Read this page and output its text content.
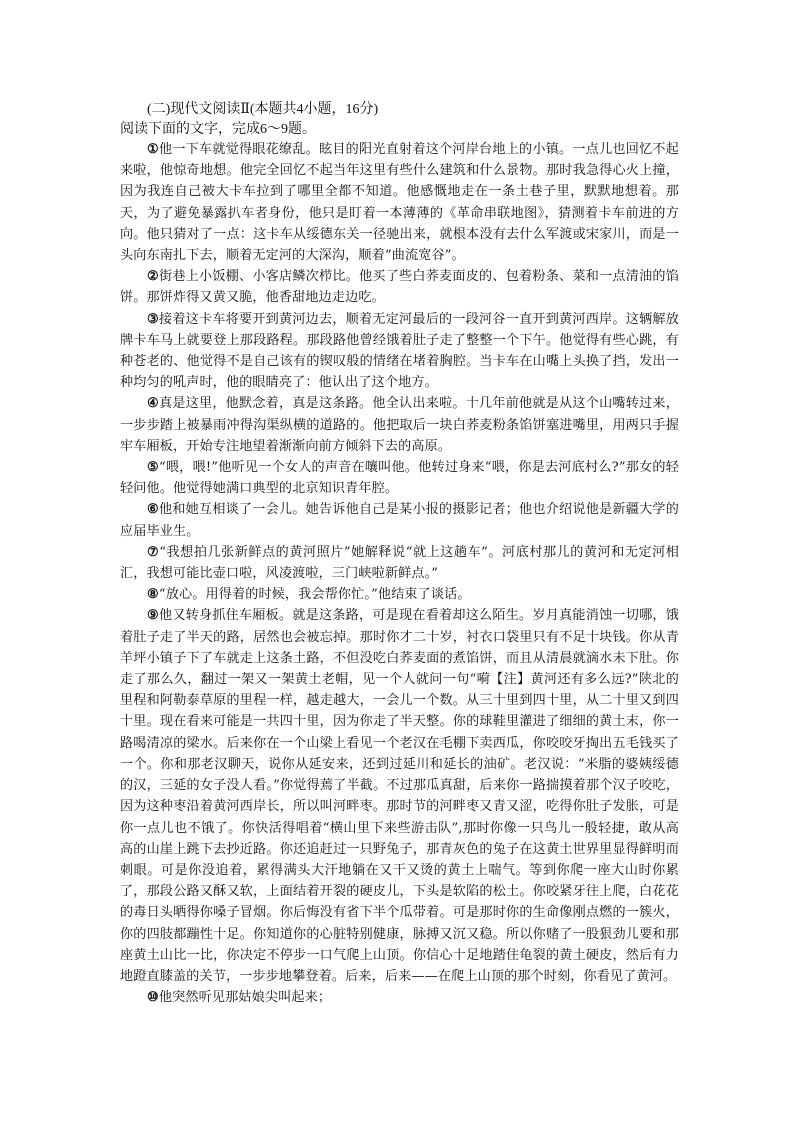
(二)现代文阅读Ⅱ(本题共4小题，16分)
阅读下面的文字，完成6～9题。

①他一下车就觉得眼花缭乱。眩目的阳光直射着这个河岸台地上的小镇。一点儿也回忆不起来啦，他惊奇地想。他完全回忆不起当年这里有些什么建筑和什么景物。那时我急得心火上撞，因为我连自己被大卡车拉到了哪里全都不知道。他感慨地走在一条土巷子里，默默地想着。那天，为了避免暴露扒车者身份，他只是盯着一本薄薄的《革命串联地图》，猜测着卡车前进的方向。他只猜对了一点：这卡车从绥德东关一径驰出来，就根本没有去什么军渡或宋家川，而是一头向东南扎下去，顺着无定河的大深沟，顺着“曲流宽谷”。

②街巷上小饭棚、小客店鳞次栉比。他买了些白荞麦面皮的、包着粉条、菜和一点清油的馅饼。那饼炸得又黄又脆，他香甜地边走边吃。

③接着这卡车将要开到黄河边去，顺着无定河最后的一段河谷一直开到黄河西岸。这辆解放牌卡车马上就要登上那段路程。那段路他曾经饿着肚子走了整整一个下午。他觉得有些心跳，有种苍老的、他觉得不是自己该有的锲叹般的情绪在堵着胸腔。当卡车在山嘴上头换了挡，发出一种均匀的吼声时，他的眼睛亮了：他认出了这个地方。

④真是这里，他默念着，真是这条路。他全认出来啦。十几年前他就是从这个山嘴转过来，一步步踏上被暴雨冲得沟渠纵横的道路的。他把取后一块白荞麦粉条馅饼塞进嘴里，用两只手握牢车厢板，开始专注地望着渐渐向前方倾斜下去的高原。

⑤“喂，喂!”他听见一个女人的声音在嚷叫他。他转过身来“喂，你是去河底村么?”那女的轻轻问他。他觉得她满口典型的北京知识青年腔。

⑥他和她互相谈了一会儿。她告诉他自己是某小报的摄影记者；他也介绍说他是新疆大学的应届毕业生。

⑦“我想拍几张新鲜点的黄河照片”她解释说“就上这趟车”。河底村那儿的黄河和无定河相汇，我想可能比壶口啦，风凌渡啦，三门峡啦新鲜点。”

⑧“放心。用得着的时候，我会帮你忙。”他结束了谈话。

⑨他又转身抓住车厢板。就是这条路，可是现在看着却这么陌生。岁月真能消蚀一切哪，饿着肚子走了半天的路，居然也会被忘掉。那时你才二十岁，衬衣口袋里只有不足十块钱。你从青羊坪小镇子下了车就走上这条土路，不但没吃白荞麦面的煮馅饼，而且从清晨就滴水未下肚。你走了那么久，翻过一架又一架黄土老帽，见一个人就问一句“嗬【注】黄河还有多么远?”陕北的里程和阿勒泰草原的里程一样，越走越大，一会儿一个数。从三十里到四十里，从二十里又到四十里。现在看来可能是一共四十里，因为你走了半天整。你的球鞋里灌进了细细的黄土末，你一路喝清凉的梁水。后来你在一个山梁上看见一个老汉在毛棚下卖西瓜，你咬咬牙掏出五毛钱买了一个。你和那老汉聊天，说你从延安来，还到过延川和延长的油矿。老汉说：“米脂的婆姨绥德的汉，三延的女子没人看。”你觉得蔫了半截。不过那瓜真甜，后来你一路揣摸着那个汉子咬吃，因为这种枣沿着黄河西岸长，所以叫河畔枣。那时节的河畔枣又青又涩，吃得你肚子发胀，可是你一点儿也不饿了。你快活得唱着“横山里下来些游击队”,那时你像一只鸟儿一般轻捷，敢从高高的山崖上跳下去抄近路。你还追赶过一只野兔子，那青灰色的兔子在这黄土世界里显得鲜明而刺眼。可是你没追着，累得满头大汗地躺在又干又烫的黄土上喘气。等到你爬一座大山时你累了，那段公路又酥又软，上面结着开裂的硬皮儿，下头是软陷的松土。你咬紧牙往上爬，白花花的毒日头晒得你嗓子冒烟。你后悔没有省下半个瓜带着。可是那时你的生命像刚点燃的一簇火，你的四肢都蹦性十足。你知道你的心脏特别健康，脉搏又沉又稳。所以你赌了一股狠劲儿要和那座黄土山比一比，你决定不停步一口气爬上山顶。你信心十足地踏住龟裂的黄土硬皮，然后有力地蹬直膝盖的关节，一步步地攀登着。后来，后来——在爬上山顶的那个时刻，你看见了黄河。

⑩他突然听见那姑娘尖叫起来；
